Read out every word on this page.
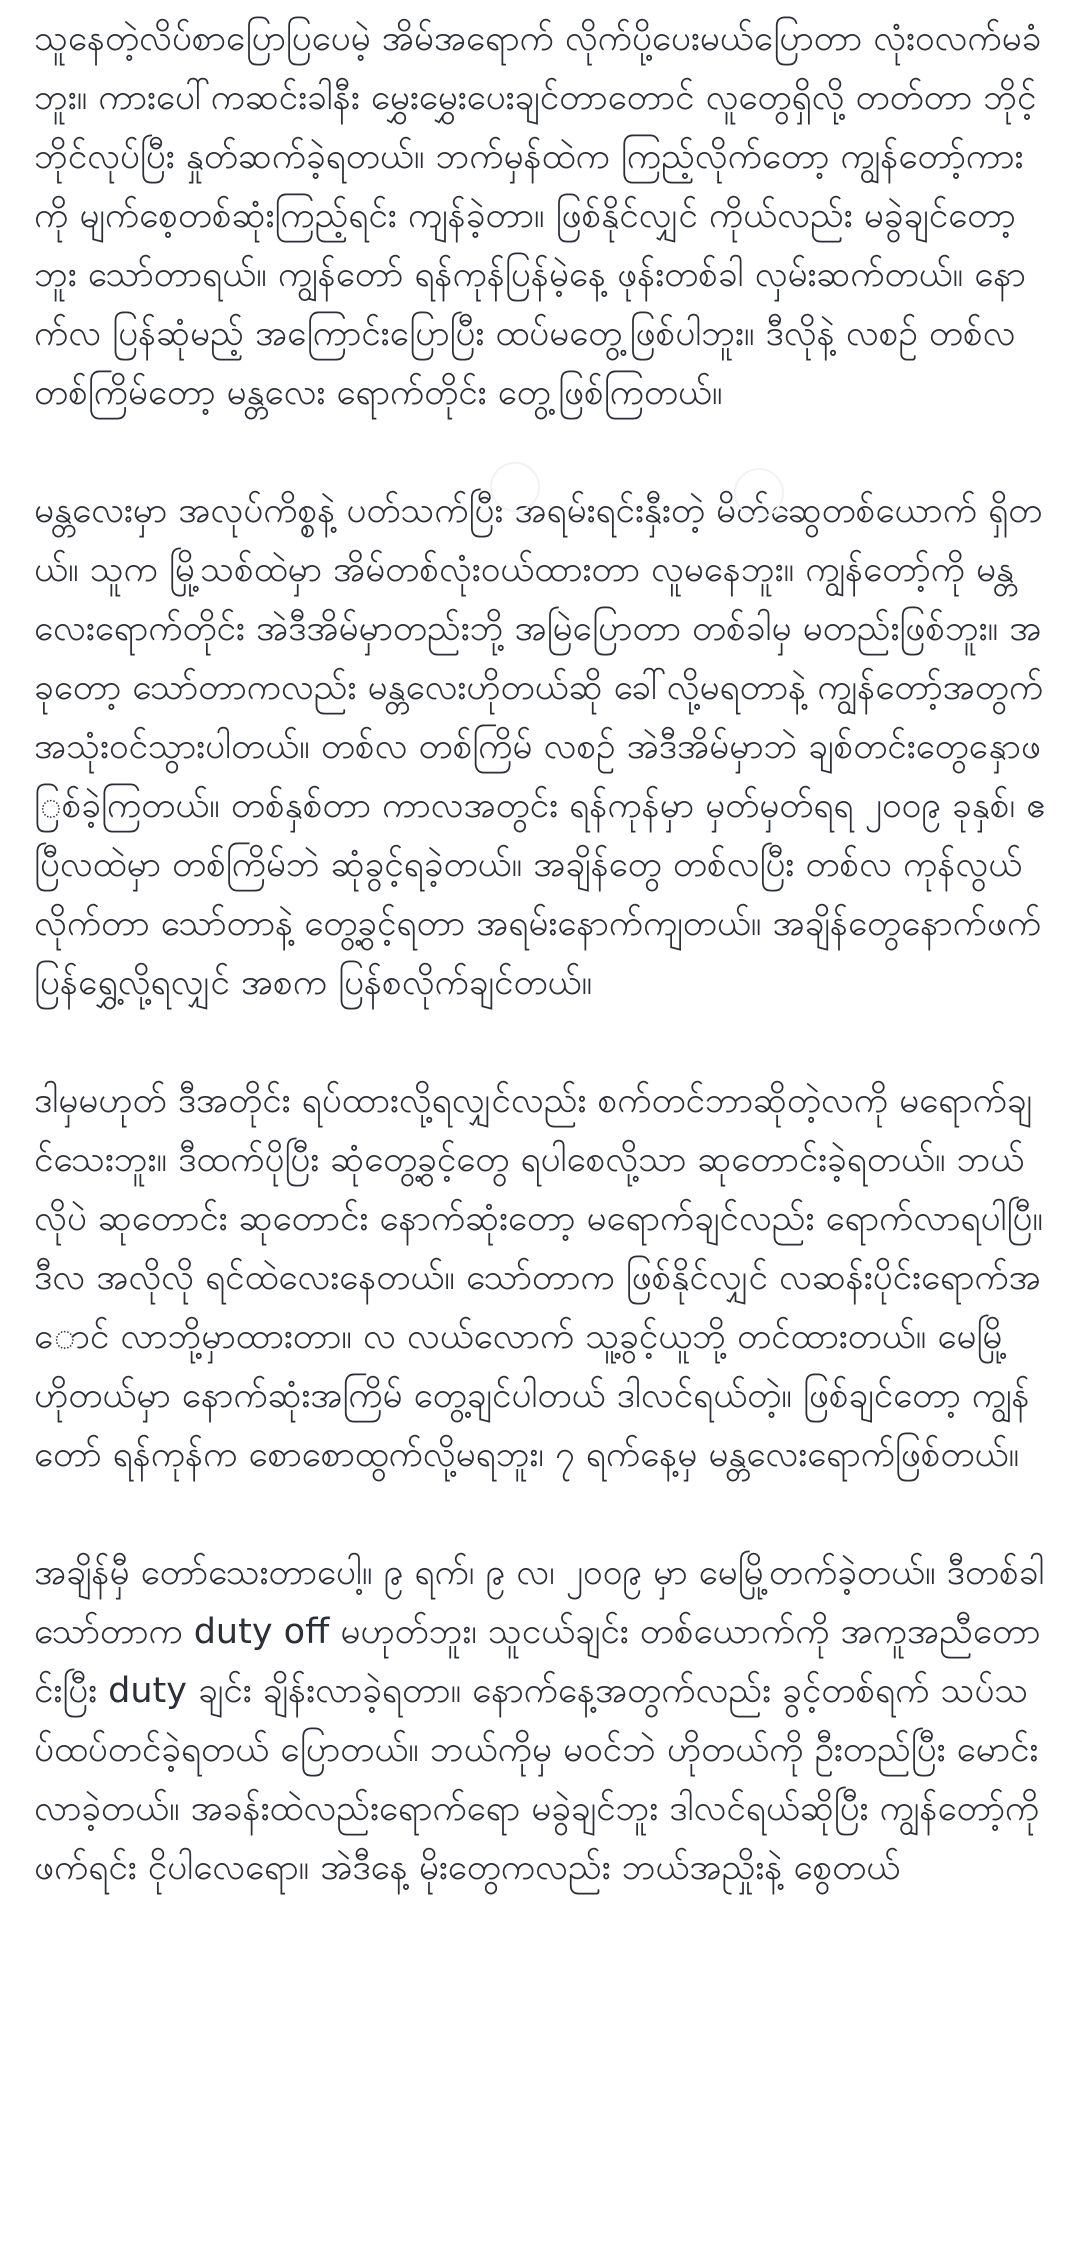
သူနေတဲ့လိပ်စာပြောပြပေမဲ့ အိမ်အရောက် လိုက်ပို့ပေးမယ်ပြောတာ လုံးဝလက်မခံဘူး။ ကားပေါ်ကဆင်းခါနီး မွှေးမွှေးပေးချင်တာတောင် လူတွေရှိလို့ တတ်တာ ဘိုင့်ဘိုင်လုပ်ပြီး နှုတ်ဆက်ခဲ့ရတယ်။ ဘက်မှန်ထဲက ကြည့်လိုက်တော့ ကျွန်တော့်ကား ကို မျက်စေ့တစ်ဆုံးကြည့်ရင်း ကျန်ခဲ့တာ။ ဖြစ်နိုင်လျှင် ကိုယ်လည်း မခွဲချင်တော့ဘူး သော်တာရယ်။ ကျွန်တော် ရန်ကုန်ပြန်မဲ့နေ့ ဖုန်းတစ်ခါ လှမ်းဆက်တယ်။ နောက်လ ပြန်ဆုံမည့် အကြောင်းပြောပြီး ထပ်မတွေ့ဖြစ်ပါဘူး။ ဒီလိုနဲ့ လစဉ် တစ်လ တစ်ကြိမ်တော့ မန္တလေး ရောက်တိုင်း တွေ့ဖြစ်ကြတယ်။

မန္တလေးမှာ အလုပ်ကိစ္စနဲ့ ပတ်သက်ပြီး အရမ်းရင်းနှီးတဲ့ မိတ်ဆွေတစ်ယောက် ရှိတယ်။ သူက မြို့သစ်ထဲမှာ အိမ်တစ်လုံးဝယ်ထားတာ လူမနေဘူး။ ကျွန်တော့်ကို မန္တလေးရောက်တိုင်း အဲဒီအိမ်မှာတည်းဘို့ အမြဲပြောတာ တစ်ခါမှ မတည်းဖြစ်ဘူး။ အခုတော့ သော်တာကလည်း မန္တလေးဟိုတယ်ဆို ခေါ်လို့မရတာနဲ့ ကျွန်တော့်အတွက် အသုံးဝင်သွားပါတယ်။ တစ်လ တစ်ကြိမ် လစဉ် အဲဒီအိမ်မှာဘဲ ချစ်တင်းတွေနှောဖြစ်ခဲ့ကြတယ်။ တစ်နှစ်တာ ကာလအတွင်း ရန်ကုန်မှာ မှတ်မှတ်ရရ ၂၀၀၉ ခုနှစ်၊ ဧပြီလထဲမှာ တစ်ကြိမ်ဘဲ ဆုံခွင့်ရခဲ့တယ်။ အချိန်တွေ တစ်လပြီး တစ်လ ကုန်လွယ်လိုက်တာ သော်တာနဲ့ တွေ့ခွင့်ရတာ အရမ်းနောက်ကျတယ်။ အချိန်တွေနောက်ဖက် ပြန်ရွှေ့လို့ရလျှင် အစက ပြန်စလိုက်ချင်တယ်။

ဒါမှမဟုတ် ဒီအတိုင်း ရပ်ထားလို့ရလျှင်လည်း စက်တင်ဘာဆိုတဲ့လကို မရောက်ချင်သေးဘူး။ ဒီထက်ပိုပြီး ဆုံတွေ့ခွင့်တွေ ရပါစေလို့သာ ဆုတောင်းခဲ့ရတယ်။ ဘယ်လိုပဲ ဆုတောင်း ဆုတောင်း နောက်ဆုံးတော့ မရောက်ချင်လည်း ရောက်လာရပါပြီ။ ဒီလ အလိုလို ရင်ထဲလေးနေတယ်။ သော်တာက ဖြစ်နိုင်လျှင် လဆန်းပိုင်းရောက်အောင် လာဘို့မှာထားတာ။ လ လယ်လောက် သူ့ခွင့်ယူဘို့ တင်ထားတယ်။ မေမြို့ ဟိုတယ်မှာ နောက်ဆုံးအကြိမ် တွေ့ချင်ပါတယ် ဒါလင်ရယ်တဲ့။ ဖြစ်ချင်တော့ ကျွန်တော် ရန်ကုန်က စောစောထွက်လို့မရဘူး၊ ၇ ရက်နေ့မှ မန္တလေးရောက်ဖြစ်တယ်။

အချိန်မှီ တော်သေးတာပေါ့။ ၉ ရက်၊ ၉ လ၊ ၂၀၀၉ မှာ မေမြို့တက်ခဲ့တယ်။ ဒီတစ်ခါ သော်တာက duty off မဟုတ်ဘူး၊ သူငယ်ချင်း တစ်ယောက်ကို အကူအညီတောင်းပြီး duty ချင်း ချိန်းလာခဲ့ရတာ။ နောက်နေ့အတွက်လည်း ခွင့်တစ်ရက် သပ်သပ်ထပ်တင်ခဲ့ရတယ် ပြောတယ်။ ဘယ်ကိုမှ မဝင်ဘဲ ဟိုတယ်ကို ဦးတည်ပြီး မောင်းလာခဲ့တယ်။ အခန်းထဲလည်းရောက်ရော မခွဲချင်ဘူး ဒါလင်ရယ်ဆိုပြီး ကျွန်တော့်ကို ဖက်ရင်း ငိုပါလေရော။ အဲဒီနေ့ မိုးတွေကလည်း ဘယ်အညှိုးနဲ့ စွေတယ်
